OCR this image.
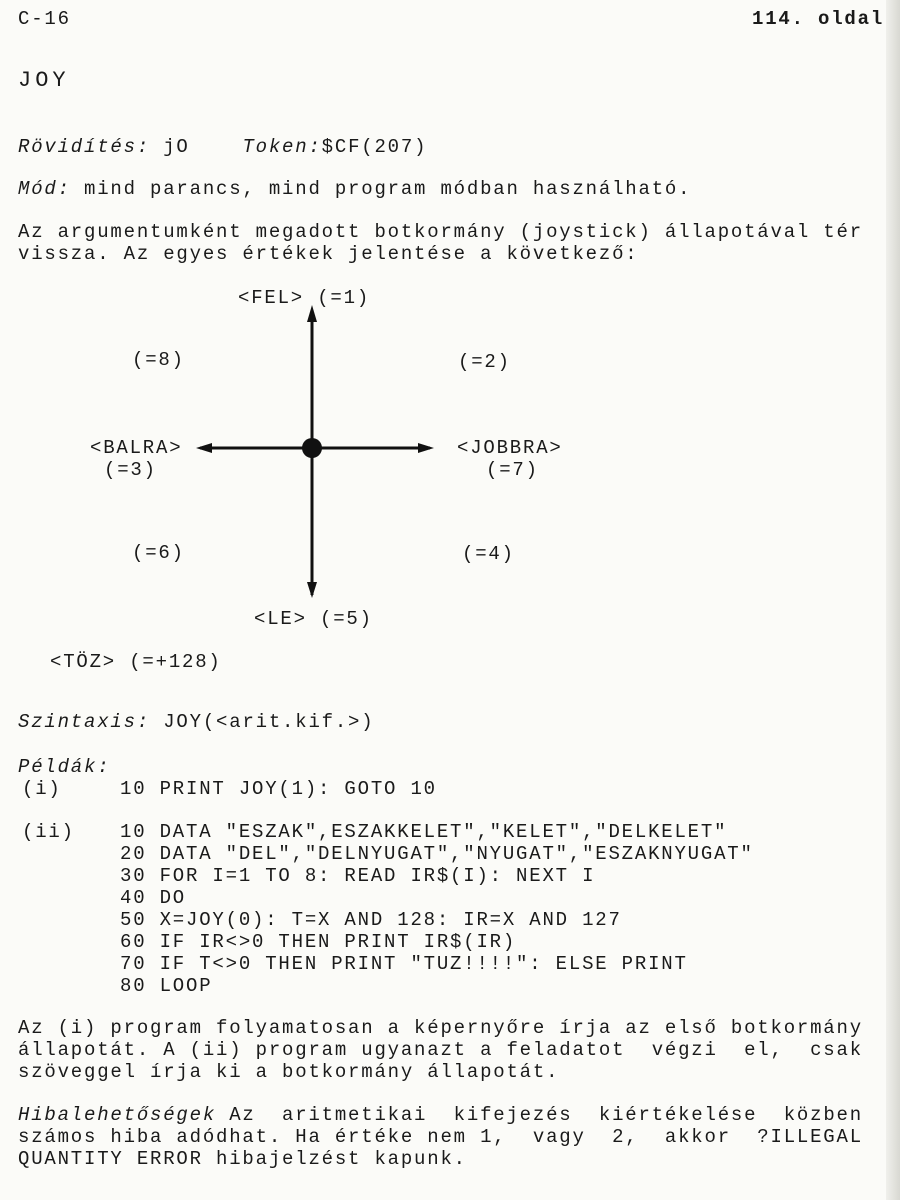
C-16	114. oldal
JOY
Rövidítés: jO	Token:$CF(207)
Mód: mind parancs, mind program módban használható.
Az argumentumként megadott botkormány (joystick) állapotával tér
vissza. Az egyes értékek jelentése a következő:
<FEL> (=1)
(=8)	(=2)
<BALRA>
(=3)
<JOBBRA>
(=7)
(=6)	(=4)
<LE> (=5)
<TÖZ> (=+128)
Szintaxis: JOY(<arit.kif.>)
Példák:
(i)	10 PRINT JOY(1): GOTO 10
(ii) 10 DATA "ESZAK",ESZAKKELET","KELET","DELKELET"
20 DATA "DEL","DELNYUGAT","NYUGAT","ESZAKNYUGAT"
30 FOR I=1 TO 8: READ IR$(I): NEXT I
40 DO
50 X=JOY(0): T=X AND 128: IR=X AND 127
60 IF IR<>0 THEN PRINT IR$(IR)
70 IF T<>0 THEN PRINT "TUZ!!!!": ELSE PRINT
80 LOOP
Az (i) program folyamatosan a képernyőre írja az első botkormány
állapotát. A (ii) program ugyanazt a feladatot  végzi  el,  csak
szöveggel írja ki a botkormány állapotát.
Hibalehetőségek Az  aritmetikai  kifejezés  kiértékelése  közben
számos hiba adódhat. Ha értéke nem 1,  vagy  2,  akkor  ?ILLEGAL
QUANTITY ERROR hibajelzést kapunk.
